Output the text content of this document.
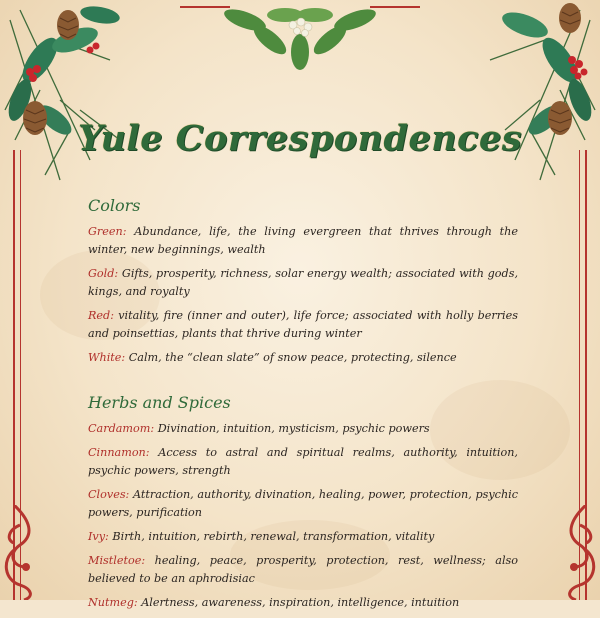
Yule Correspondences
Colors

Green: Abundance, life, the living evergreen that thrives through the winter, new beginnings, wealth

Gold: Gifts, prosperity, richness, solar energy wealth; associated with gods, kings, and royalty

Red: vitality, fire (inner and outer), life force; associated with holly berries and poinsettias, plants that thrive during winter

White: Calm, the “clean slate” of snow peace, protecting, silence

Herbs and Spices

Cardamom: Divination, intuition, mysticism, psychic powers

Cinnamon: Access to astral and spiritual realms, authority, intuition, psychic powers, strength

Cloves: Attraction, authority, divination, healing, power, protection, psychic powers, purification

Ivy: Birth, intuition, rebirth, renewal, transformation, vitality

Mistletoe: healing, peace, prosperity, protection, rest, wellness; also believed to be an aphrodisiac

Nutmeg: Alertness, awareness, inspiration, intelligence, intuition
